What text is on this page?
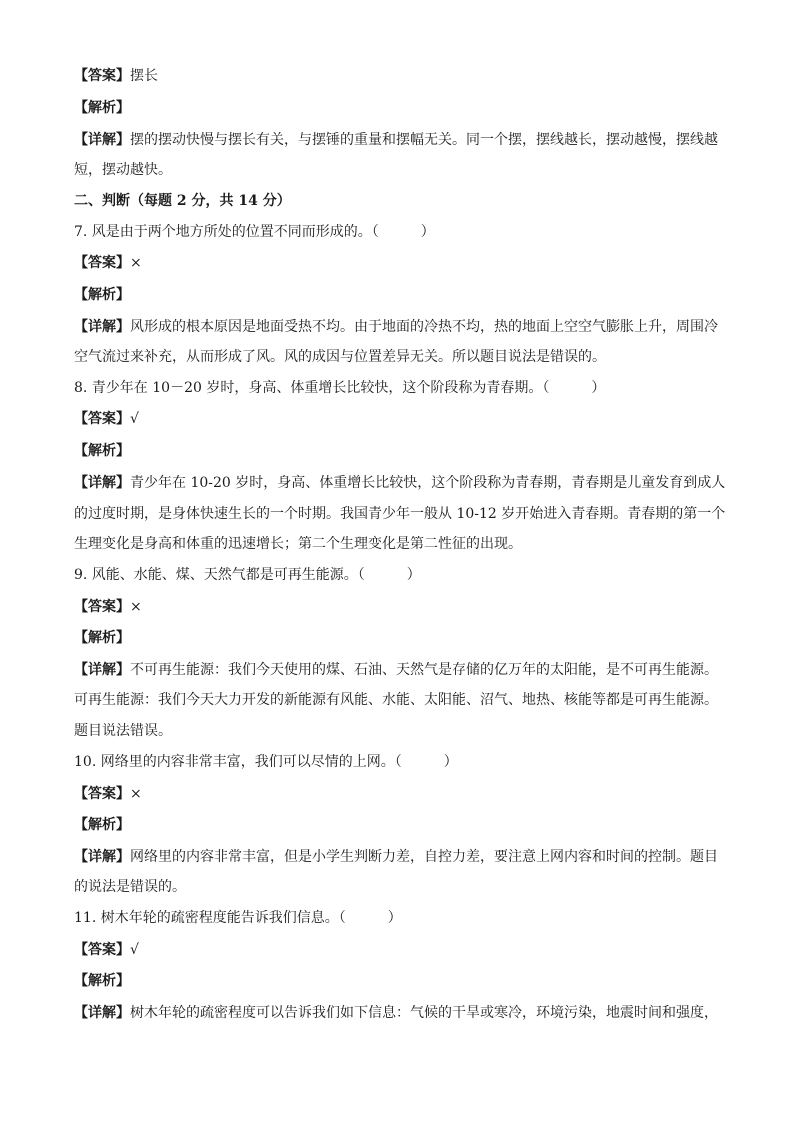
【答案】摆长
【解析】
【详解】摆的摆动快慢与摆长有关，与摆锤的重量和摆幅无关。同一个摆，摆线越长，摆动越慢，摆线越
短，摆动越快。
二、判断（每题 2 分，共 14 分）
7. 风是由于两个地方所处的位置不同而形成的。（　　　）
【答案】×
【解析】
【详解】风形成的根本原因是地面受热不均。由于地面的冷热不均，热的地面上空空气膨胀上升，周围冷
空气流过来补充，从而形成了风。风的成因与位置差异无关。所以题目说法是错误的。
8. 青少年在 10－20 岁时，身高、体重增长比较快，这个阶段称为青春期。（　　　）
【答案】√
【解析】
【详解】青少年在 10-20 岁时，身高、体重增长比较快，这个阶段称为青春期，青春期是儿童发育到成人
的过度时期，是身体快速生长的一个时期。我国青少年一般从 10-12 岁开始进入青春期。青春期的第一个
生理变化是身高和体重的迅速增长；第二个生理变化是第二性征的出现。
9. 风能、水能、煤、天然气都是可再生能源。（　　　）
【答案】×
【解析】
【详解】不可再生能源：我们今天使用的煤、石油、天然气是存储的亿万年的太阳能，是不可再生能源。
可再生能源：我们今天大力开发的新能源有风能、水能、太阳能、沼气、地热、核能等都是可再生能源。
题目说法错误。
10. 网络里的内容非常丰富，我们可以尽情的上网。（　　　）
【答案】×
【解析】
【详解】网络里的内容非常丰富，但是小学生判断力差，自控力差，要注意上网内容和时间的控制。题目
的说法是错误的。
11. 树木年轮的疏密程度能告诉我们信息。（　　　）
【答案】√
【解析】
【详解】树木年轮的疏密程度可以告诉我们如下信息：气候的干旱或寒冷，环境污染，地震时间和强度，
